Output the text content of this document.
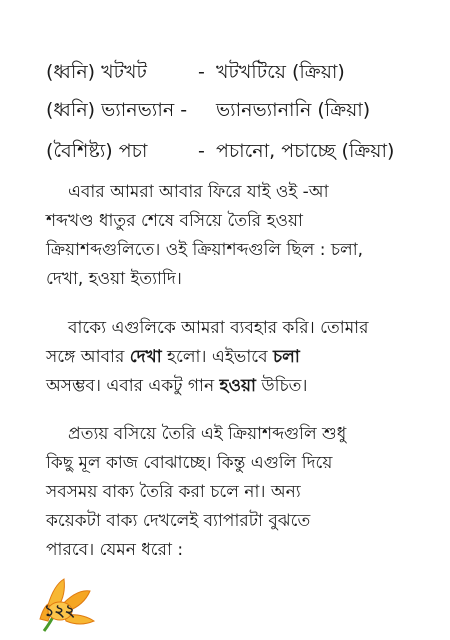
(ধ্বনি) খটখট	- খটখটিয়ে (ক্রিয়া)
(ধ্বনি) ভ্যানভ্যান - ভ্যানভ্যানানি (ক্রিয়া)
(বৈশিষ্ট্য) পচা	- পচানো, পচাচ্ছে (ক্রিয়া)
এবার আমরা আবার ফিরে যাই ওই -আ
শব্দখণ্ড ধাতুর শেষে বসিয়ে তৈরি হওয়া
ক্রিয়াশব্দগুলিতে। ওই ক্রিয়াশব্দগুলি ছিল : চলা,
দেখা, হওয়া ইত্যাদি।
বাক্যে এগুলিকে আমরা ব্যবহার করি। তোমার
সঙ্গে আবার দেখা হলো। এইভাবে চলা
অসম্ভব। এবার একটু গান হওয়া উচিত।
প্রত্যয় বসিয়ে তৈরি এই ক্রিয়াশব্দগুলি শুধু
কিছু মূল কাজ বোঝাচ্ছে। কিন্তু এগুলি দিয়ে
সবসময় বাক্য তৈরি করা চলে না। অন্য
কয়েকটা বাক্য দেখলেই ব্যাপারটা বুঝতে
পারবে। যেমন ধরো :
১২২
